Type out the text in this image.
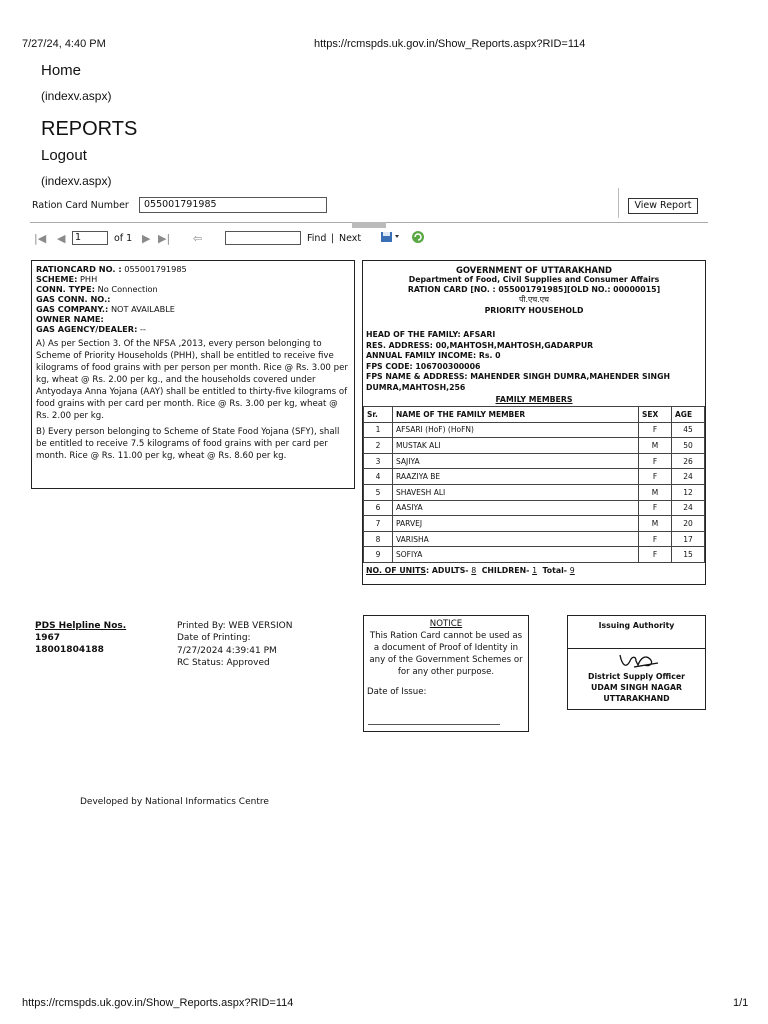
7/27/24, 4:40 PM	https://rcmspds.uk.gov.in/Show_Reports.aspx?RID=114
Home
(indexv.aspx)
REPORTS
Logout
(indexv.aspx)
Ration Card Number	055001791985	View Report
|◀ ◀	1	of 1 ▶ ▶| ⇦	Find | Next
RATIONCARD NO. : 055001791985
SCHEME: PHH
CONN. TYPE: No Connection
GAS CONN. NO.:
GAS COMPANY.: NOT AVAILABLE
OWNER NAME:
GAS AGENCY/DEALER: --

A) As per Section 3. Of the NFSA ,2013, every person belonging to Scheme of Priority Households (PHH), shall be entitled to receive five kilograms of food grains with per person per month. Rice @ Rs. 3.00 per kg, wheat @ Rs. 2.00 per kg., and the households covered under Antyodaya Anna Yojana (AAY) shall be entitled to thirty-five kilograms of food grains with per card per month. Rice @ Rs. 3.00 per kg, wheat @ Rs. 2.00 per kg.

B) Every person belonging to Scheme of State Food Yojana (SFY), shall be entitled to receive 7.5 kilograms of food grains with per card per month. Rice @ Rs. 11.00 per kg, wheat @ Rs. 8.60 per kg.

GOVERNMENT OF UTTARAKHAND
Department of Food, Civil Supplies and Consumer Affairs
RATION CARD [NO. : 055001791985][OLD NO.: 00000015]
पी.एच.एच
PRIORITY HOUSEHOLD
HEAD OF THE FAMILY: AFSARI
RES. ADDRESS: 00,MAHTOSH,MAHTOSH,GADARPUR
ANNUAL FAMILY INCOME: Rs. 0
FPS CODE: 106700300006
FPS NAME & ADDRESS: MAHENDER SINGH DUMRA,MAHENDER SINGH DUMRA,MAHTOSH,256
FAMILY MEMBERS
Sr.	NAME OF THE FAMILY MEMBER	SEX	AGE
1	AFSARI (HoF) (HoFN)	F	45
2	MUSTAK ALI	M	50
3	SAJIYA	F	26
4	RAAZIYA BE	F	24
5	SHAVESH ALI	M	12
6	AASIYA	F	24
7	PARVEJ	M	20
8	VARISHA	F	17
9	SOFIYA	F	15
NO. OF UNITS: ADULTS- 8 CHILDREN- 1 Total- 9
PDS Helpline Nos.
1967
18001804188
Printed By: WEB VERSION
Date of Printing:
7/27/2024 4:39:41 PM
RC Status: Approved
NOTICE
This Ration Card cannot be used as a document of Proof of Identity in any of the Government Schemes or for any other purpose.
Date of Issue:
Issuing Authority
District Supply Officer
UDAM SINGH NAGAR
UTTARAKHAND
Developed by National Informatics Centre
https://rcmspds.uk.gov.in/Show_Reports.aspx?RID=114	1/1
